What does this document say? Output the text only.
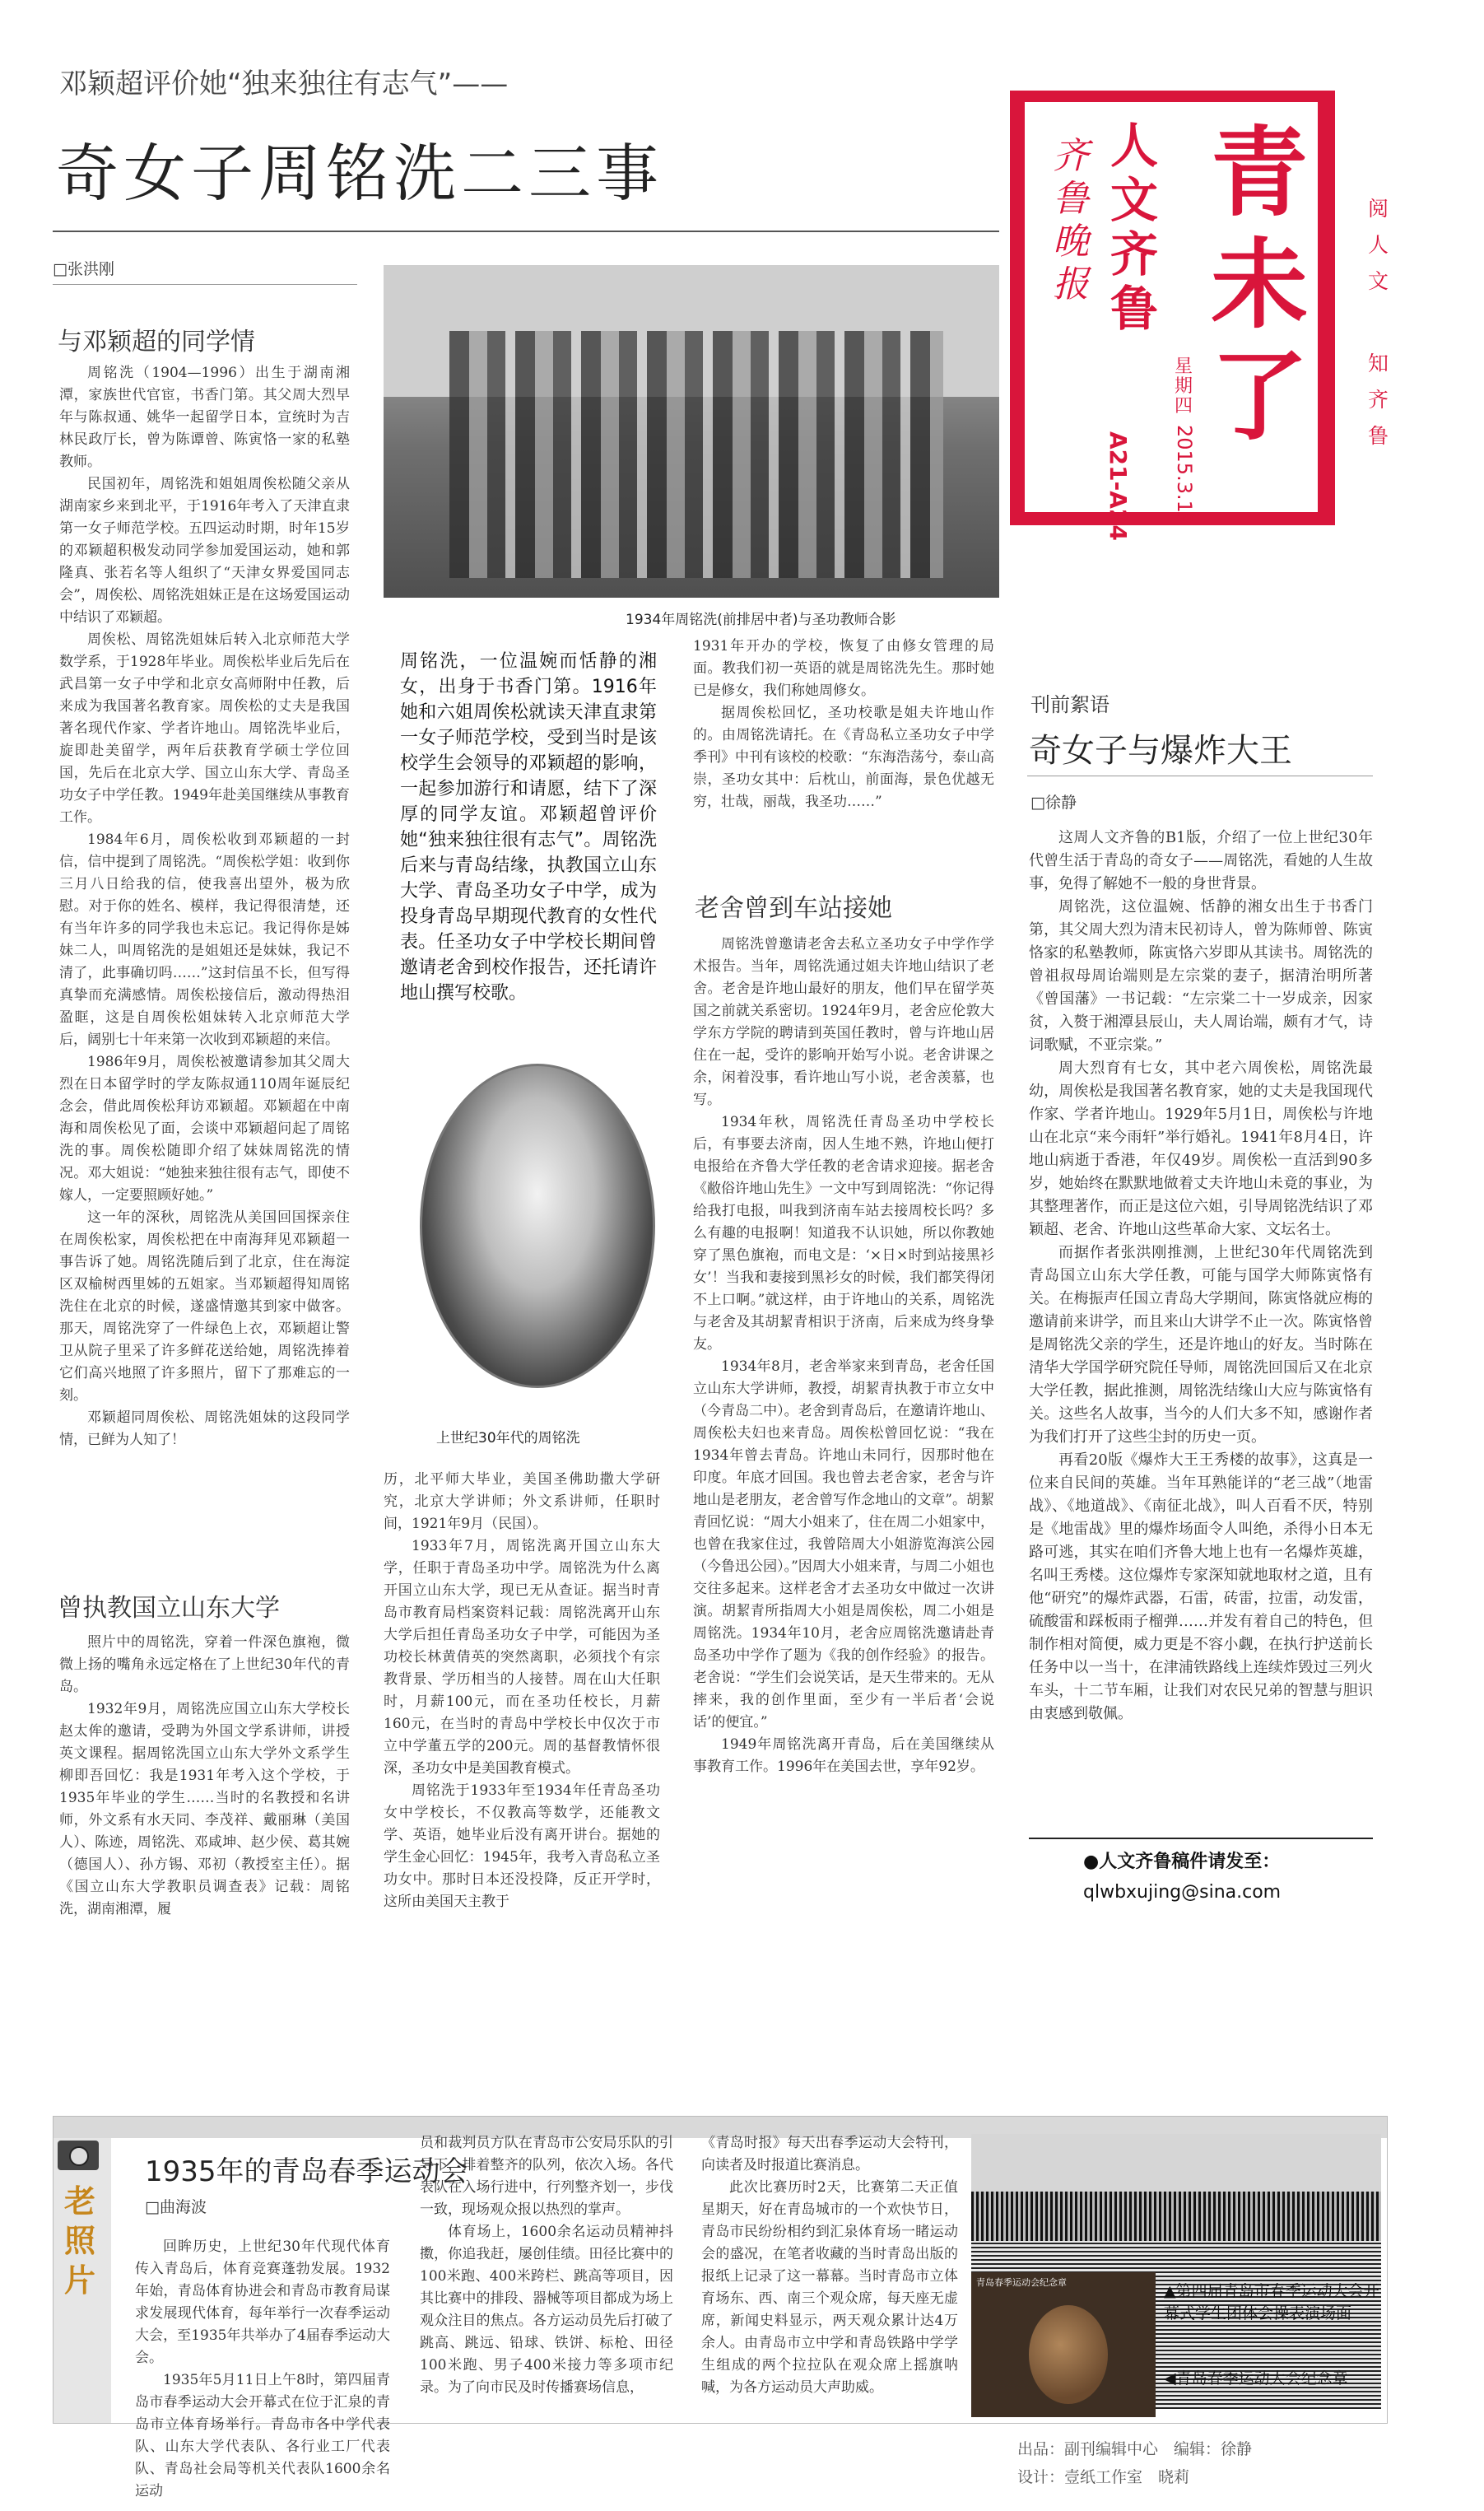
邓颖超评价她“独来独往有志气”——
奇女子周铭洗二三事
□张洪刚
齐鲁晚报
人文齐鲁
星期四
2015.3.19
A21-A24
青未了
阅人文
知齐鲁
与邓颖超的同学情

周铭洗（1904—1996）出生于湖南湘潭，家族世代官宦，书香门第。其父周大烈早年与陈叔通、姚华一起留学日本，宣统时为吉林民政厅长，曾为陈谭曾、陈寅恪一家的私塾教师。

民国初年，周铭洗和姐姐周俟松随父亲从湖南家乡来到北平，于1916年考入了天津直隶第一女子师范学校。五四运动时期，时年15岁的邓颖超积极发动同学参加爱国运动，她和郭隆真、张若名等人组织了“天津女界爱国同志会”，周俟松、周铭洗姐妹正是在这场爱国运动中结识了邓颖超。

周俟松、周铭洗姐妹后转入北京师范大学数学系，于1928年毕业。周俟松毕业后先后在武昌第一女子中学和北京女高师附中任教，后来成为我国著名教育家。周俟松的丈夫是我国著名现代作家、学者许地山。周铭洗毕业后，旋即赴美留学，两年后获教育学硕士学位回国，先后在北京大学、国立山东大学、青岛圣功女子中学任教。1949年赴美国继续从事教育工作。

1984年6月，周俟松收到邓颖超的一封信，信中提到了周铭洗。“周俟松学姐：收到你三月八日给我的信，使我喜出望外，极为欣慰。对于你的姓名、模样，我记得很清楚，还有当年许多的同学我也未忘记。我记得你是姊妹二人，叫周铭洗的是姐姐还是妹妹，我记不清了，此事确切吗……”这封信虽不长，但写得真挚而充满感情。周俟松接信后，激动得热泪盈眶，这是自周俟松姐妹转入北京师范大学后，阔别七十年来第一次收到邓颖超的来信。

1986年9月，周俟松被邀请参加其父周大烈在日本留学时的学友陈叔通110周年诞辰纪念会，借此周俟松拜访邓颖超。邓颖超在中南海和周俟松见了面，会谈中邓颖超问起了周铭洗的事。周俟松随即介绍了妹妹周铭洗的情况。邓大姐说：“她独来独往很有志气，即使不嫁人，一定要照顾好她。”

这一年的深秋，周铭洗从美国回国探亲住在周俟松家，周俟松把在中南海拜见邓颖超一事告诉了她。周铭洗随后到了北京，住在海淀区双榆树西里姊的五姐家。当邓颖超得知周铭洗住在北京的时候，遂盛情邀其到家中做客。那天，周铭洗穿了一件绿色上衣，邓颖超让警卫从院子里采了许多鲜花送给她，周铭洗捧着它们高兴地照了许多照片，留下了那难忘的一刻。

邓颖超同周俟松、周铭洗姐妹的这段同学情，已鲜为人知了！

曾执教国立山东大学

照片中的周铭洗，穿着一件深色旗袍，微微上扬的嘴角永远定格在了上世纪30年代的青岛。

1932年9月，周铭洗应国立山东大学校长赵太侔的邀请，受聘为外国文学系讲师，讲授英文课程。据周铭洗国立山东大学外文系学生柳即吾回忆：我是1931年考入这个学校，于1935年毕业的学生……当时的名教授和名讲师，外文系有水天同、李茂祥、戴丽琳（美国人）、陈迹，周铭洗、邓咸坤、赵少侯、葛其婉（德国人）、孙方锡、邓初（教授室主任）。据《国立山东大学教职员调查表》记载：周铭洗，湖南湘潭，履

1934年周铭洗(前排居中者)与圣功教师合影
周铭洗，一位温婉而恬静的湘女，出身于书香门第。1916年她和六姐周俟松就读天津直隶第一女子师范学校，受到当时是该校学生会领导的邓颖超的影响，一起参加游行和请愿，结下了深厚的同学友谊。邓颖超曾评价她“独来独往很有志气”。周铭洗后来与青岛结缘，执教国立山东大学、青岛圣功女子中学，成为投身青岛早期现代教育的女性代表。任圣功女子中学校长期间曾邀请老舍到校作报告，还托请许地山撰写校歌。
上世纪30年代的周铭洗

历，北平师大毕业，美国圣佛助撒大学研究，北京大学讲师；外文系讲师，任职时间，1921年9月（民国）。

1933年7月，周铭洗离开国立山东大学，任职于青岛圣功中学。周铭洗为什么离开国立山东大学，现已无从查证。据当时青岛市教育局档案资料记载：周铭洗离开山东大学后担任青岛圣功女子中学，可能因为圣功校长林黄倩英的突然离职，必须找个有宗教背景、学历相当的人接替。周在山大任职时，月薪100元，而在圣功任校长，月薪160元，在当时的青岛中学校长中仅次于市立中学董五学的200元。周的基督教情怀很深，圣功女中是美国教育模式。

周铭洗于1933年至1934年任青岛圣功女中学校长，不仅教高等数学，还能教文学、英语，她毕业后没有离开讲台。据她的学生金心回忆：1945年，我考入青岛私立圣功女中。那时日本还没投降，反正开学时，这所由美国天主教于

1931年开办的学校，恢复了由修女管理的局面。教我们初一英语的就是周铭洗先生。那时她已是修女，我们称她周修女。

据周俟松回忆，圣功校歌是姐夫许地山作的。由周铭洗请托。在《青岛私立圣功女子中学季刊》中刊有该校的校歌：“东海浩荡兮，泰山高崇，圣功女其中：后枕山，前面海，景色优越无穷，壮哉，丽哉，我圣功……”

老舍曾到车站接她

周铭洗曾邀请老舍去私立圣功女子中学作学术报告。当年，周铭洗通过姐夫许地山结识了老舍。老舍是许地山最好的朋友，他们早在留学英国之前就关系密切。1924年9月，老舍应伦敦大学东方学院的聘请到英国任教时，曾与许地山居住在一起，受许的影响开始写小说。老舍讲课之余，闲着没事，看许地山写小说，老舍羡慕，也写。

1934年秋，周铭洗任青岛圣功中学校长后，有事要去济南，因人生地不熟，许地山便打电报给在齐鲁大学任教的老舍请求迎接。据老舍《敝俗许地山先生》一文中写到周铭洗：“你记得给我打电报，叫我到济南车站去接周校长吗？多么有趣的电报啊！知道我不认识她，所以你教她穿了黑色旗袍，而电文是：‘×日×时到站接黑衫女’！当我和妻接到黑衫女的时候，我们都笑得闭不上口啊。”就这样，由于许地山的关系，周铭洗与老舍及其胡絜青相识于济南，后来成为终身挚友。

1934年8月，老舍举家来到青岛，老舍任国立山东大学讲师，教授，胡絜青执教于市立女中（今青岛二中）。老舍到青岛后，在邀请许地山、周俟松夫妇也来青岛。周俟松曾回忆说：“我在1934年曾去青岛。许地山未同行，因那时他在印度。年底才回国。我也曾去老舍家，老舍与许地山是老朋友，老舍曾写作念地山的文章”。胡絜青回忆说：“周大小姐来了，住在周二小姐家中，也曾在我家住过，我曾陪周大小姐游览海滨公园（今鲁迅公园）。”因周大小姐来青，与周二小姐也交往多起来。这样老舍才去圣功女中做过一次讲演。胡絜青所指周大小姐是周俟松，周二小姐是周铭洗。1934年10月，老舍应周铭洗邀请赴青岛圣功中学作了题为《我的创作经验》的报告。老舍说：“学生们会说笑话，是天生带来的。无从摔来，我的创作里面，至少有一半后者‘会说话’的便宜。”

1949年周铭洗离开青岛，后在美国继续从事教育工作。1996年在美国去世，享年92岁。

刊前絮语
奇女子与爆炸大王
□徐静

这周人文齐鲁的B1版，介绍了一位上世纪30年代曾生活于青岛的奇女子——周铭洗，看她的人生故事，免得了解她不一般的身世背景。

周铭洗，这位温婉、恬静的湘女出生于书香门第，其父周大烈为清末民初诗人，曾为陈师曾、陈寅恪家的私塾教师，陈寅恪六岁即从其读书。周铭洗的曾祖叔母周诒端则是左宗棠的妻子，据清治明所著《曾国藩》一书记载：“左宗棠二十一岁成亲，因家贫，入赘于湘潭县辰山，夫人周诒端，颇有才气，诗词歌赋，不亚宗棠。”

周大烈育有七女，其中老六周俟松，周铭洗最幼，周俟松是我国著名教育家，她的丈夫是我国现代作家、学者许地山。1929年5月1日，周俟松与许地山在北京“来今雨轩”举行婚礼。1941年8月4日，许地山病逝于香港，年仅49岁。周俟松一直活到90多岁，她始终在默默地做着丈夫许地山未竟的事业，为其整理著作，而正是这位六姐，引导周铭洗结识了邓颖超、老舍、许地山这些革命大家、文坛名士。

而据作者张洪刚推测，上世纪30年代周铭洗到青岛国立山东大学任教，可能与国学大师陈寅恪有关。在梅振声任国立青岛大学期间，陈寅恪就应梅的邀请前来讲学，而且来山大讲学不止一次。陈寅恪曾是周铭洗父亲的学生，还是许地山的好友。当时陈在清华大学国学研究院任导师，周铭洗回国后又在北京大学任教，据此推测，周铭洗结缘山大应与陈寅恪有关。这些名人故事，当今的人们大多不知，感谢作者为我们打开了这些尘封的历史一页。

再看20版《爆炸大王王秀楼的故事》，这真是一位来自民间的英雄。当年耳熟能详的“老三战”（地雷战》、《地道战》、《南征北战》，叫人百看不厌，特别是《地雷战》里的爆炸场面令人叫绝，杀得小日本无路可逃，其实在咱们齐鲁大地上也有一名爆炸英雄，名叫王秀楼。这位爆炸专家深知就地取材之道，且有他“研究”的爆炸武器，石雷，砖雷，拉雷，动发雷，硫酸雷和踩板雨子榴弹……并发有着自己的特色，但制作相对简便，威力更是不容小觑，在执行护送前长任务中以一当十，在津浦铁路线上连续炸毁过三列火车头，十二节车厢，让我们对农民兄弟的智慧与胆识由衷感到敬佩。

●人文齐鲁稿件请发至：
qlwbxujing@sina.com
老照片
1935年的青岛春季运动会
□曲海波

回眸历史，上世纪30年代现代体育传入青岛后，体育竞赛蓬勃发展。1932年始，青岛体育协进会和青岛市教育局谋求发展现代体育，每年举行一次春季运动大会，至1935年共举办了4届春季运动大会。

1935年5月11日上午8时，第四届青岛市春季运动大会开幕式在位于汇泉的青岛市立体育场举行。青岛市各中学代表队、山东大学代表队、各行业工厂代表队、青岛社会局等机关代表队1600余名运动

员和裁判员方队在青岛市公安局乐队的引导下，排着整齐的队列，依次入场。各代表队在入场行进中，行列整齐划一，步伐一致，现场观众报以热烈的掌声。

体育场上，1600余名运动员精神抖擞，你追我赶，屡创佳绩。田径比赛中的100米跑、400米跨栏、跳高等项目，因其比赛中的排段、器械等项目都成为场上观众注目的焦点。各方运动员先后打破了跳高、跳远、铅球、铁饼、标枪、田径100米跑、男子400米接力等多项市纪录。为了向市民及时传播赛场信息，

《青岛时报》每天出春季运动大会特刊，向读者及时报道比赛消息。

此次比赛历时2天，比赛第二天正值星期天，好在青岛城市的一个欢快节日，青岛市民纷纷相约到汇泉体育场一睹运动会的盛况，在笔者收藏的当时青岛出版的报纸上记录了这一幕幕。当时青岛市立体育场东、西、南三个观众席，每天座无虚席，新闻史料显示，两天观众累计达4万余人。由青岛市立中学和青岛铁路中学学生组成的两个拉拉队在观众席上摇旗呐喊，为各方运动员大声助威。

青岛春季运动会纪念章	▲第四届青岛市春季运动大会开幕式学生团体会操表演场面
◀青岛春季运动大会纪念章
出品：副刊编辑中心　编辑：徐静
设计：壹纸工作室　晓莉
